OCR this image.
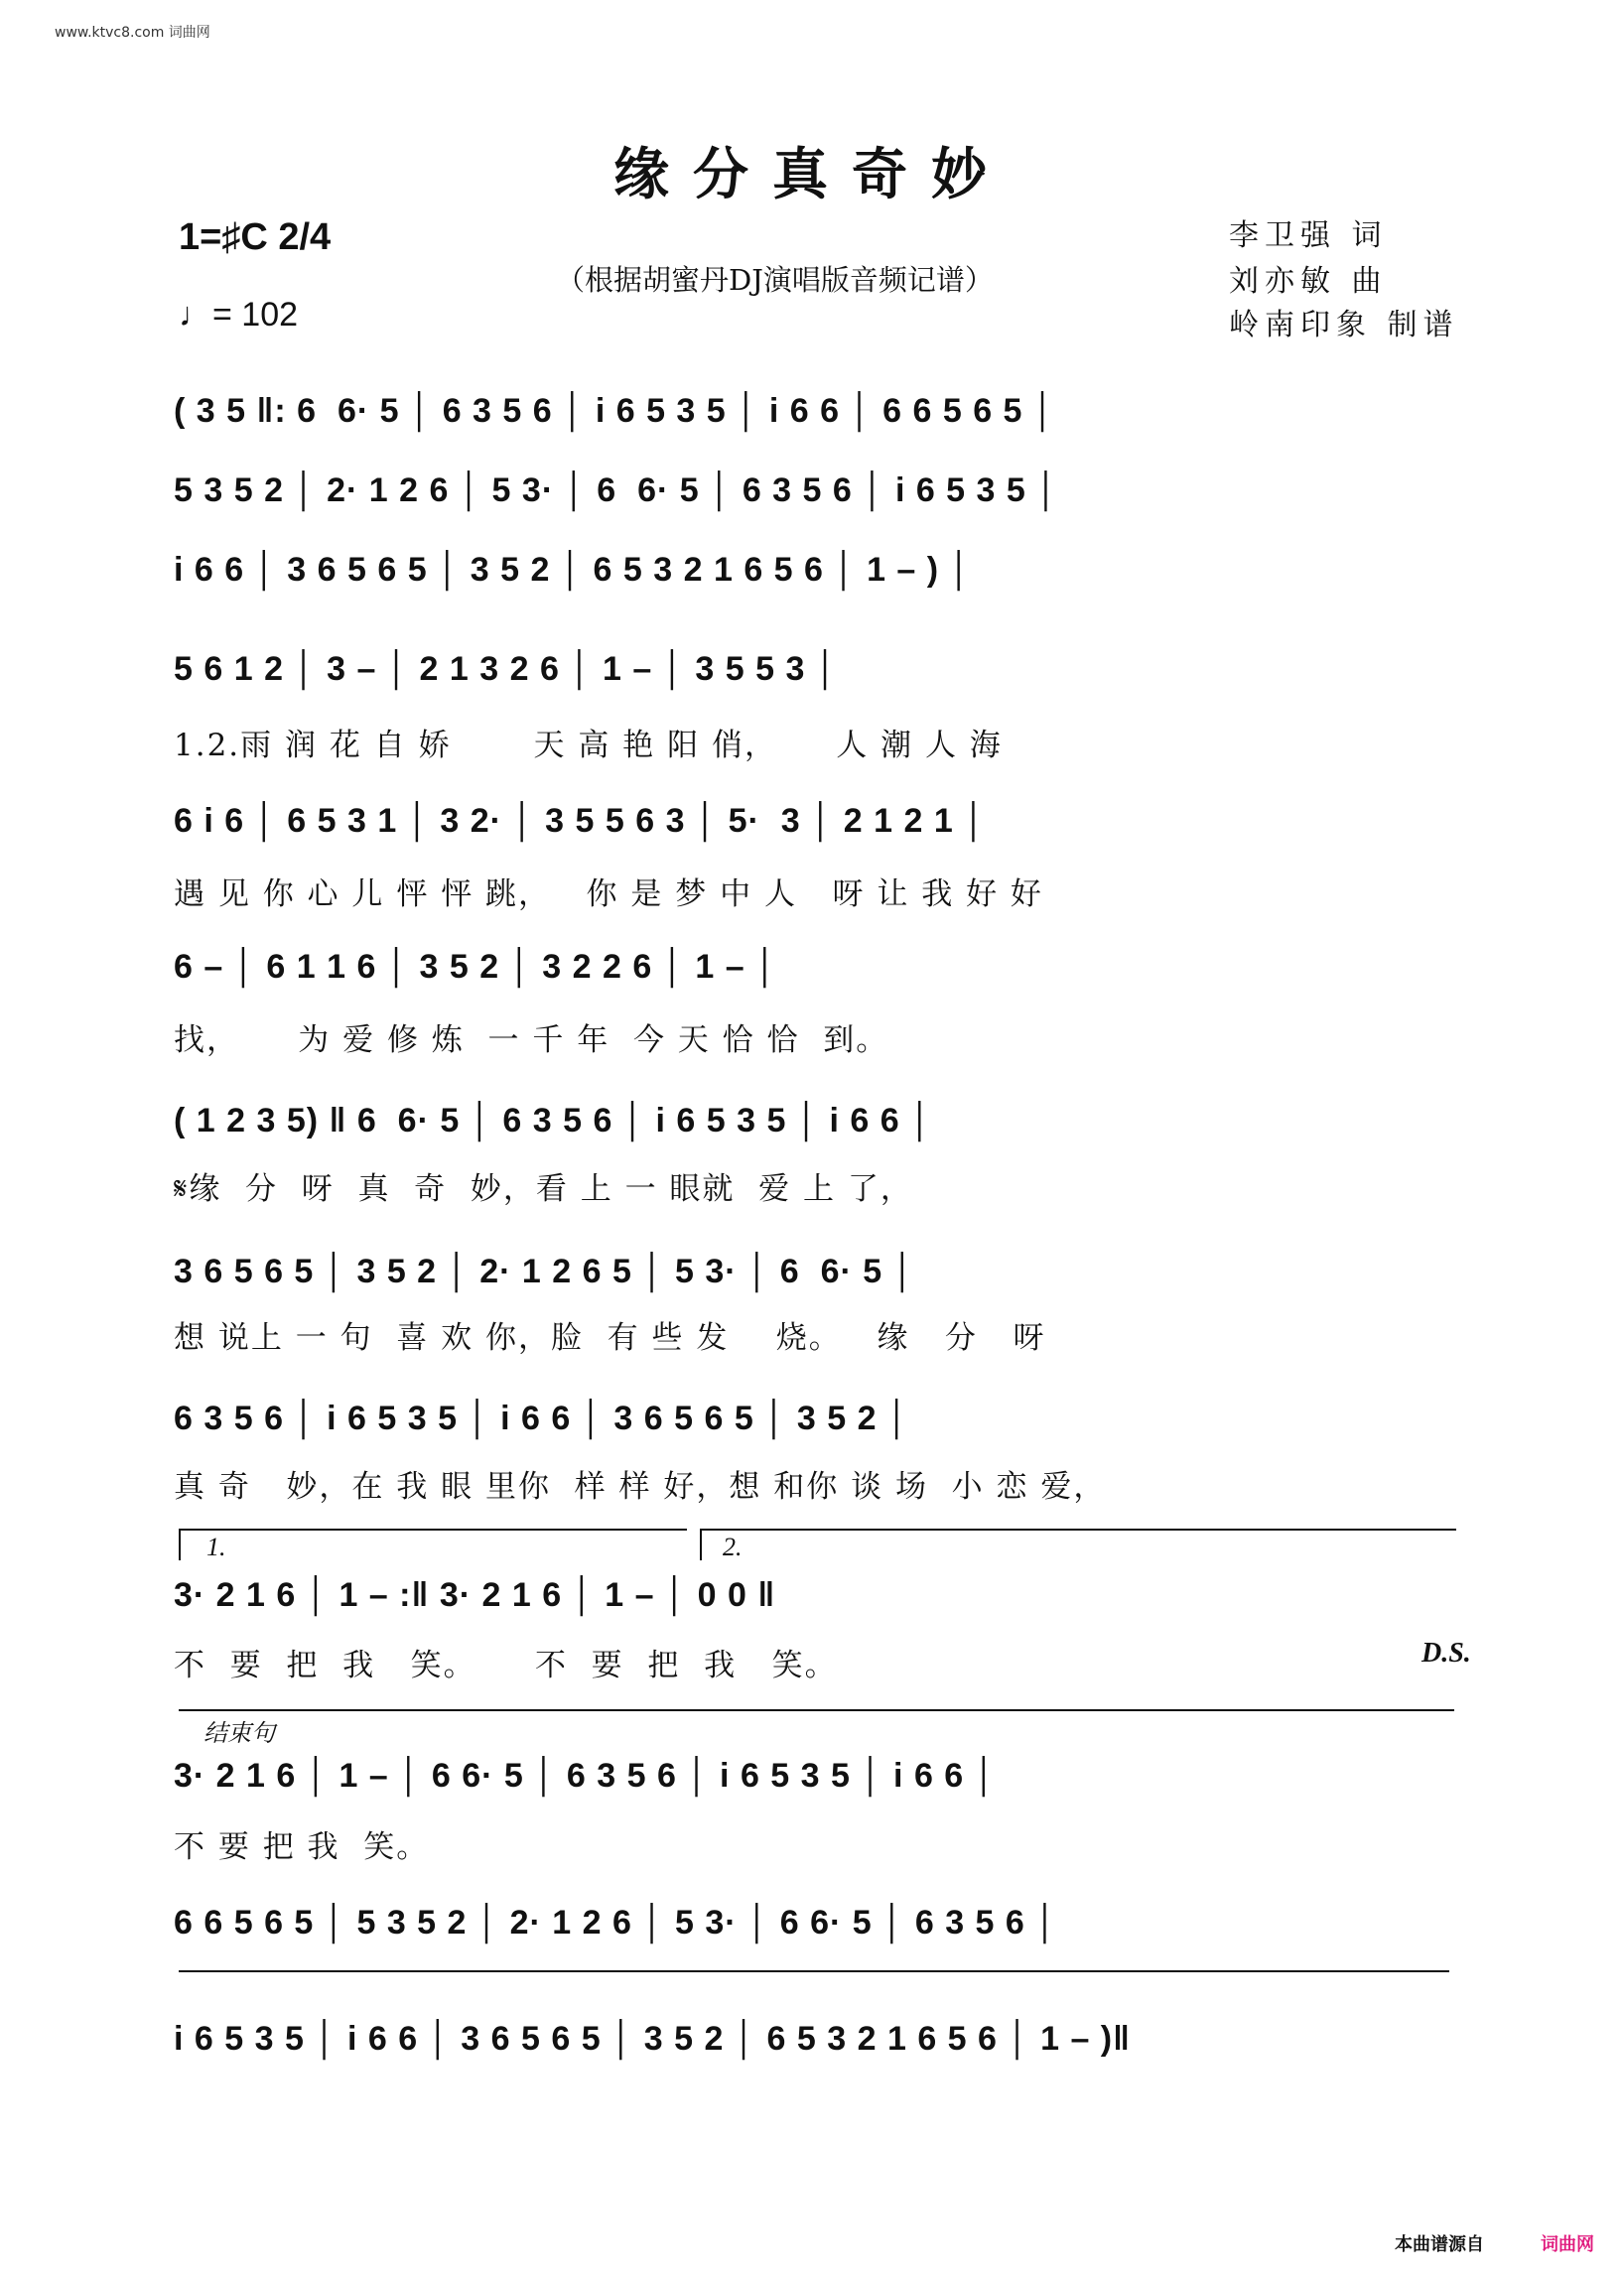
www.ktvc8.com 词曲网
缘分真奇妙
1=♯C 2/4
♩= 102
（根据胡蜜丹DJ演唱版音频记谱）
李卫强 词
刘亦敏 曲
岭南印象 制谱
( 3 5 ‖: 6  6· 5 │ 6 3 5 6 │ i 6 5 3 5 │ i 6 6 │ 6 6 5 6 5 │
5 3 5 2 │ 2· 1 2 6 │ 5 3· │ 6  6· 5 │ 6 3 5 6 │ i 6 5 3 5 │
i 6 6 │ 3 6 5 6 5 │ 3 5 2 │ 6 5 3 2 1 6 5 6 │ 1 – ) │
5 6 1 2 │ 3 – │ 2 1 3 2 6 │ 1 – │ 3 5 5 3 │
1.2.雨 润 花 自 娇       天 高 艳 阳 俏，     人 潮 人 海
6 i 6 │ 6 5 3 1 │ 3 2· │ 3 5 5 6 3 │ 5·  3 │ 2 1 2 1 │
遇 见 你 心 儿 怦 怦 跳，   你 是 梦 中 人   呀 让 我 好 好
6 – │ 6 1 1 6 │ 3 5 2 │ 3 2 2 6 │ 1 – │
找，     为 爱 修 炼  一 千 年  今 天 恰 恰  到。
( 1 2 3 5) ‖ 6  6· 5 │ 6 3 5 6 │ i 6 5 3 5 │ i 6 6 │
𝄋缘  分  呀  真  奇  妙，看 上 一 眼就  爱 上 了，
3 6 5 6 5 │ 3 5 2 │ 2· 1 2 6 5 │ 5 3· │ 6  6· 5 │
想 说上 一 句  喜 欢 你，脸  有 些 发    烧。   缘   分   呀
6 3 5 6 │ i 6 5 3 5 │ i 6 6 │ 3 6 5 6 5 │ 3 5 2 │
真 奇   妙，在 我 眼 里你  样 样 好，想 和你 谈 场  小 恋 爱，
1.	2.
3· 2 1 6 │ 1 – :‖ 3· 2 1 6 │ 1 – │ 0 0 ‖
不  要  把  我   笑。     不  要  把  我   笑。	D.S.
结束句
3· 2 1 6 │ 1 – │ 6 6· 5 │ 6 3 5 6 │ i 6 5 3 5 │ i 6 6 │
不 要 把 我  笑。
6 6 5 6 5 │ 5 3 5 2 │ 2· 1 2 6 │ 5 3· │ 6 6· 5 │ 6 3 5 6 │
i 6 5 3 5 │ i 6 6 │ 3 6 5 6 5 │ 3 5 2 │ 6 5 3 2 1 6 5 6 │ 1 – )‖
本曲谱源自	词曲网
